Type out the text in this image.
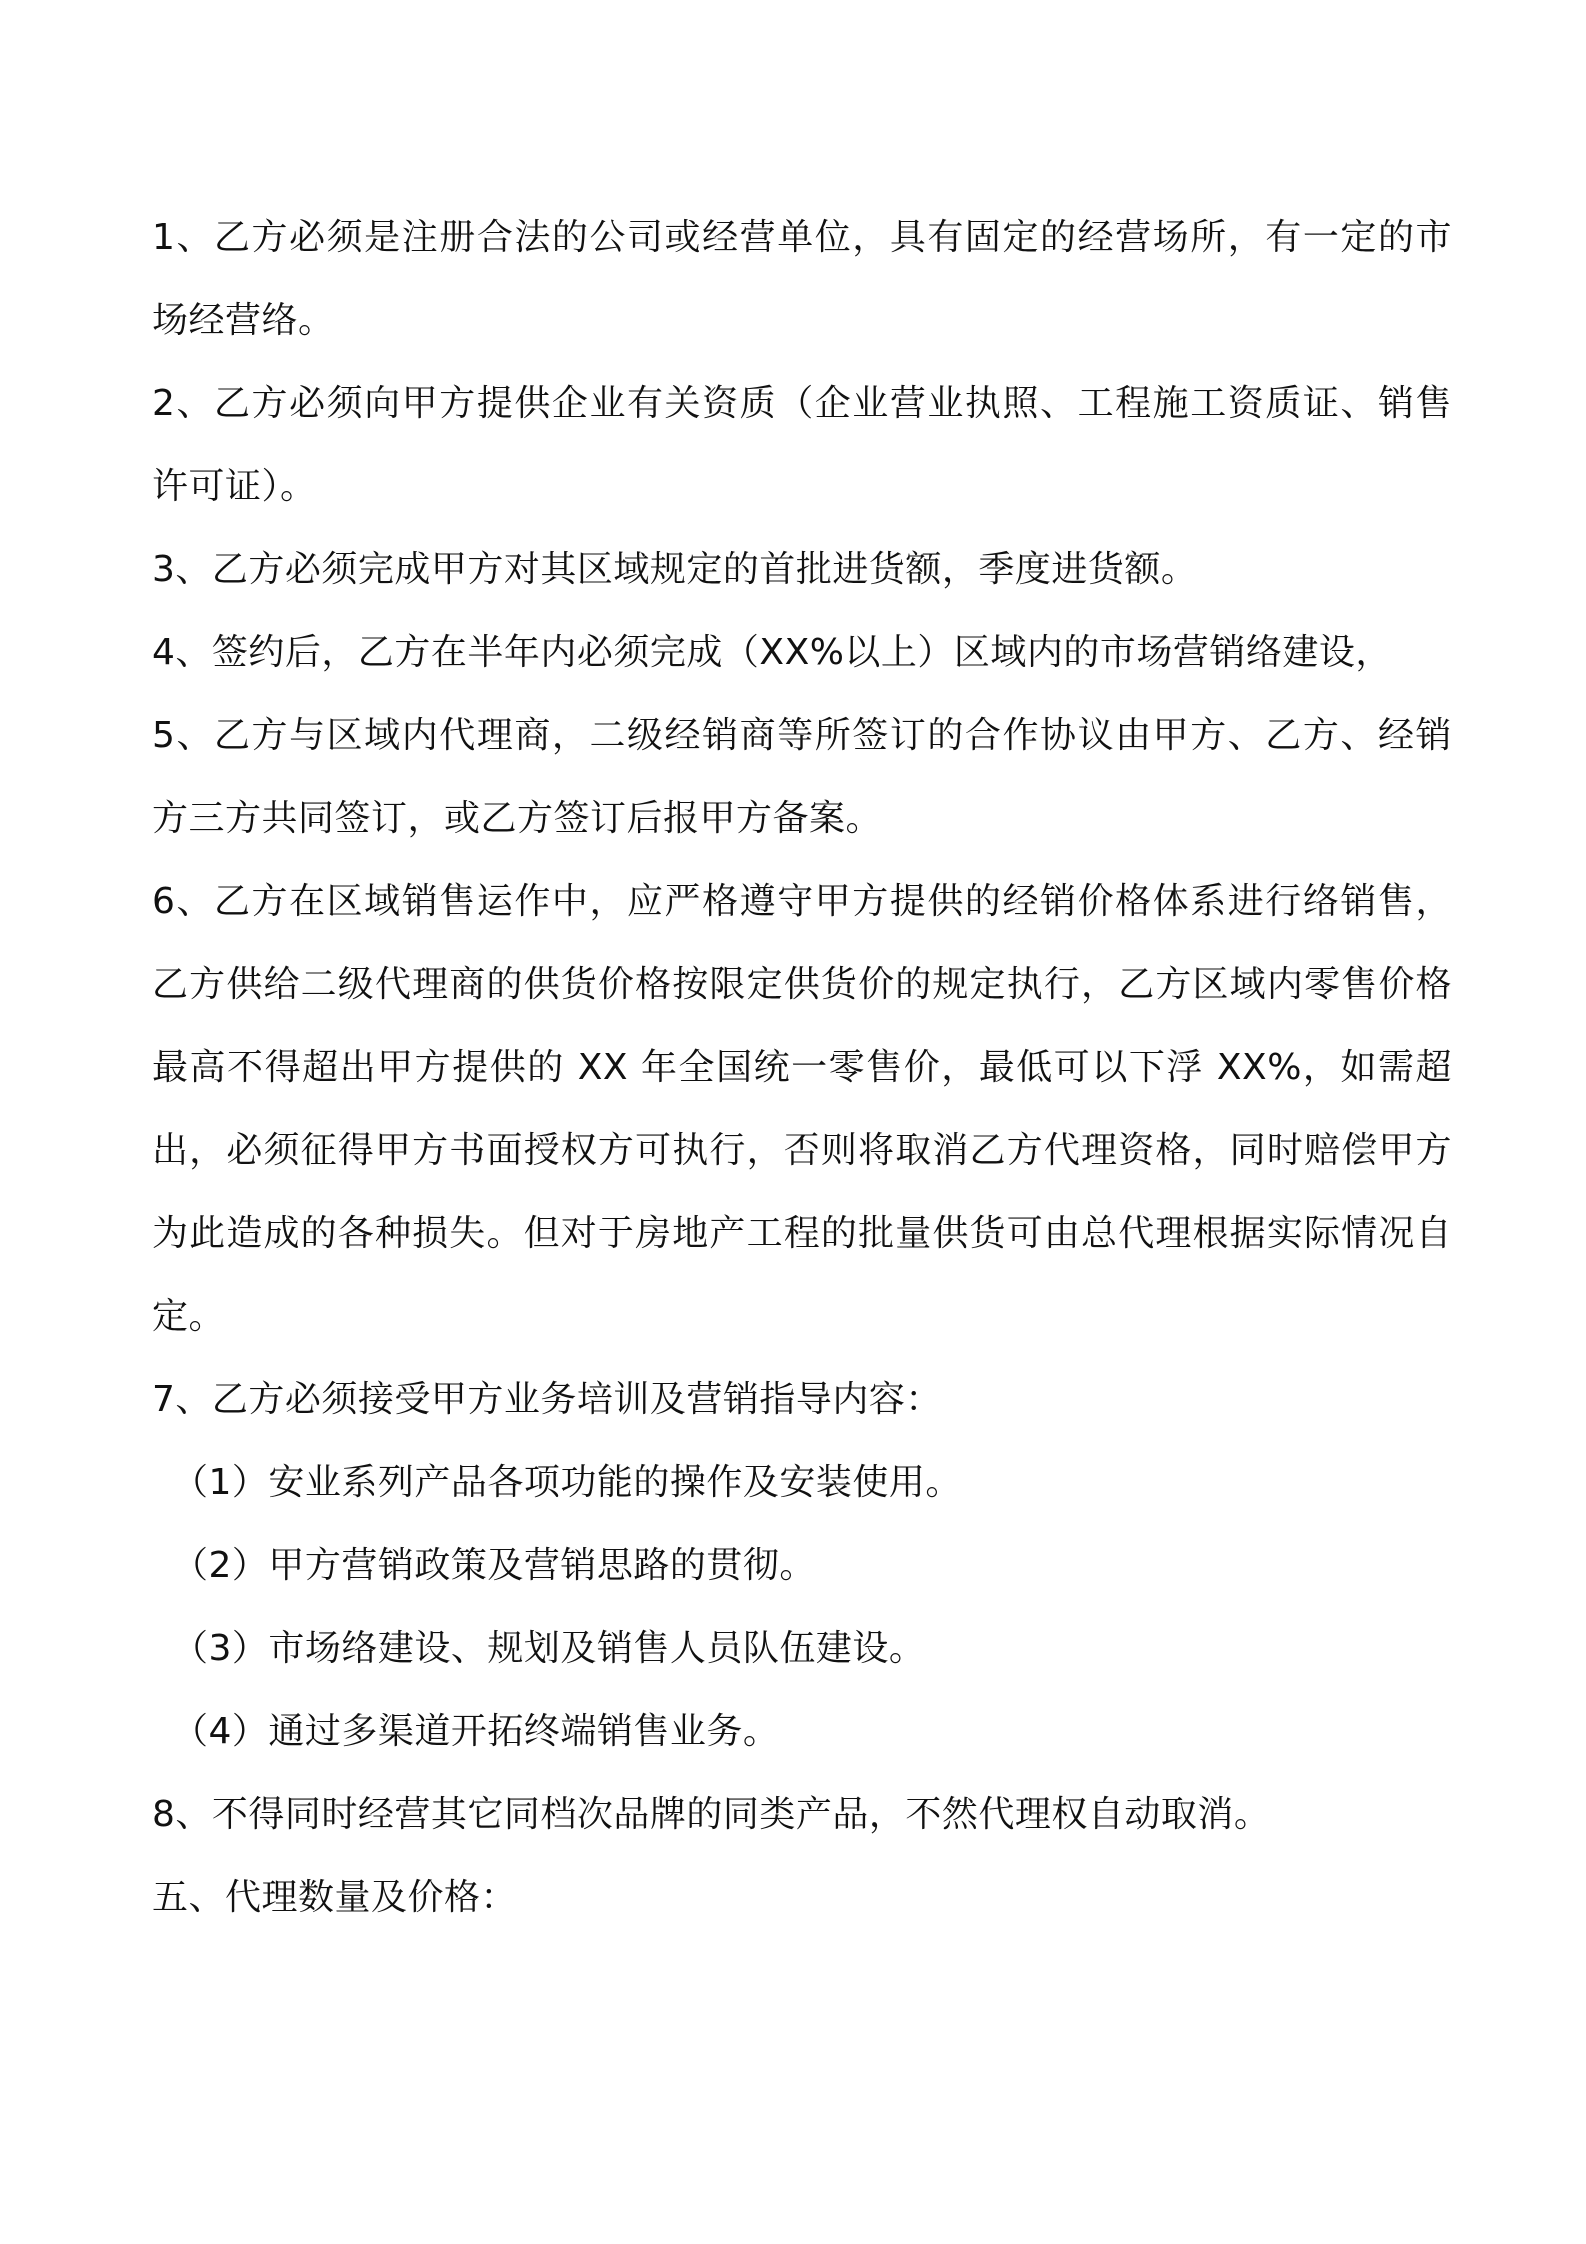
1、乙方必须是注册合法的公司或经营单位，具有固定的经营场所，有一定的市场经营络。

2、乙方必须向甲方提供企业有关资质（企业营业执照、工程施工资质证、销售许可证）。

3、乙方必须完成甲方对其区域规定的首批进货额，季度进货额。

4、签约后，乙方在半年内必须完成（XX%以上）区域内的市场营销络建设，

5、乙方与区域内代理商，二级经销商等所签订的合作协议由甲方、乙方、经销方三方共同签订，或乙方签订后报甲方备案。

6、乙方在区域销售运作中，应严格遵守甲方提供的经销价格体系进行络销售，乙方供给二级代理商的供货价格按限定供货价的规定执行，乙方区域内零售价格最高不得超出甲方提供的 XX 年全国统一零售价，最低可以下浮 XX%，如需超出，必须征得甲方书面授权方可执行，否则将取消乙方代理资格，同时赔偿甲方为此造成的各种损失。但对于房地产工程的批量供货可由总代理根据实际情况自定。

7、乙方必须接受甲方业务培训及营销指导内容：

（1）安业系列产品各项功能的操作及安装使用。

（2）甲方营销政策及营销思路的贯彻。

（3）市场络建设、规划及销售人员队伍建设。

（4）通过多渠道开拓终端销售业务。

8、不得同时经营其它同档次品牌的同类产品，不然代理权自动取消。

五、代理数量及价格：
